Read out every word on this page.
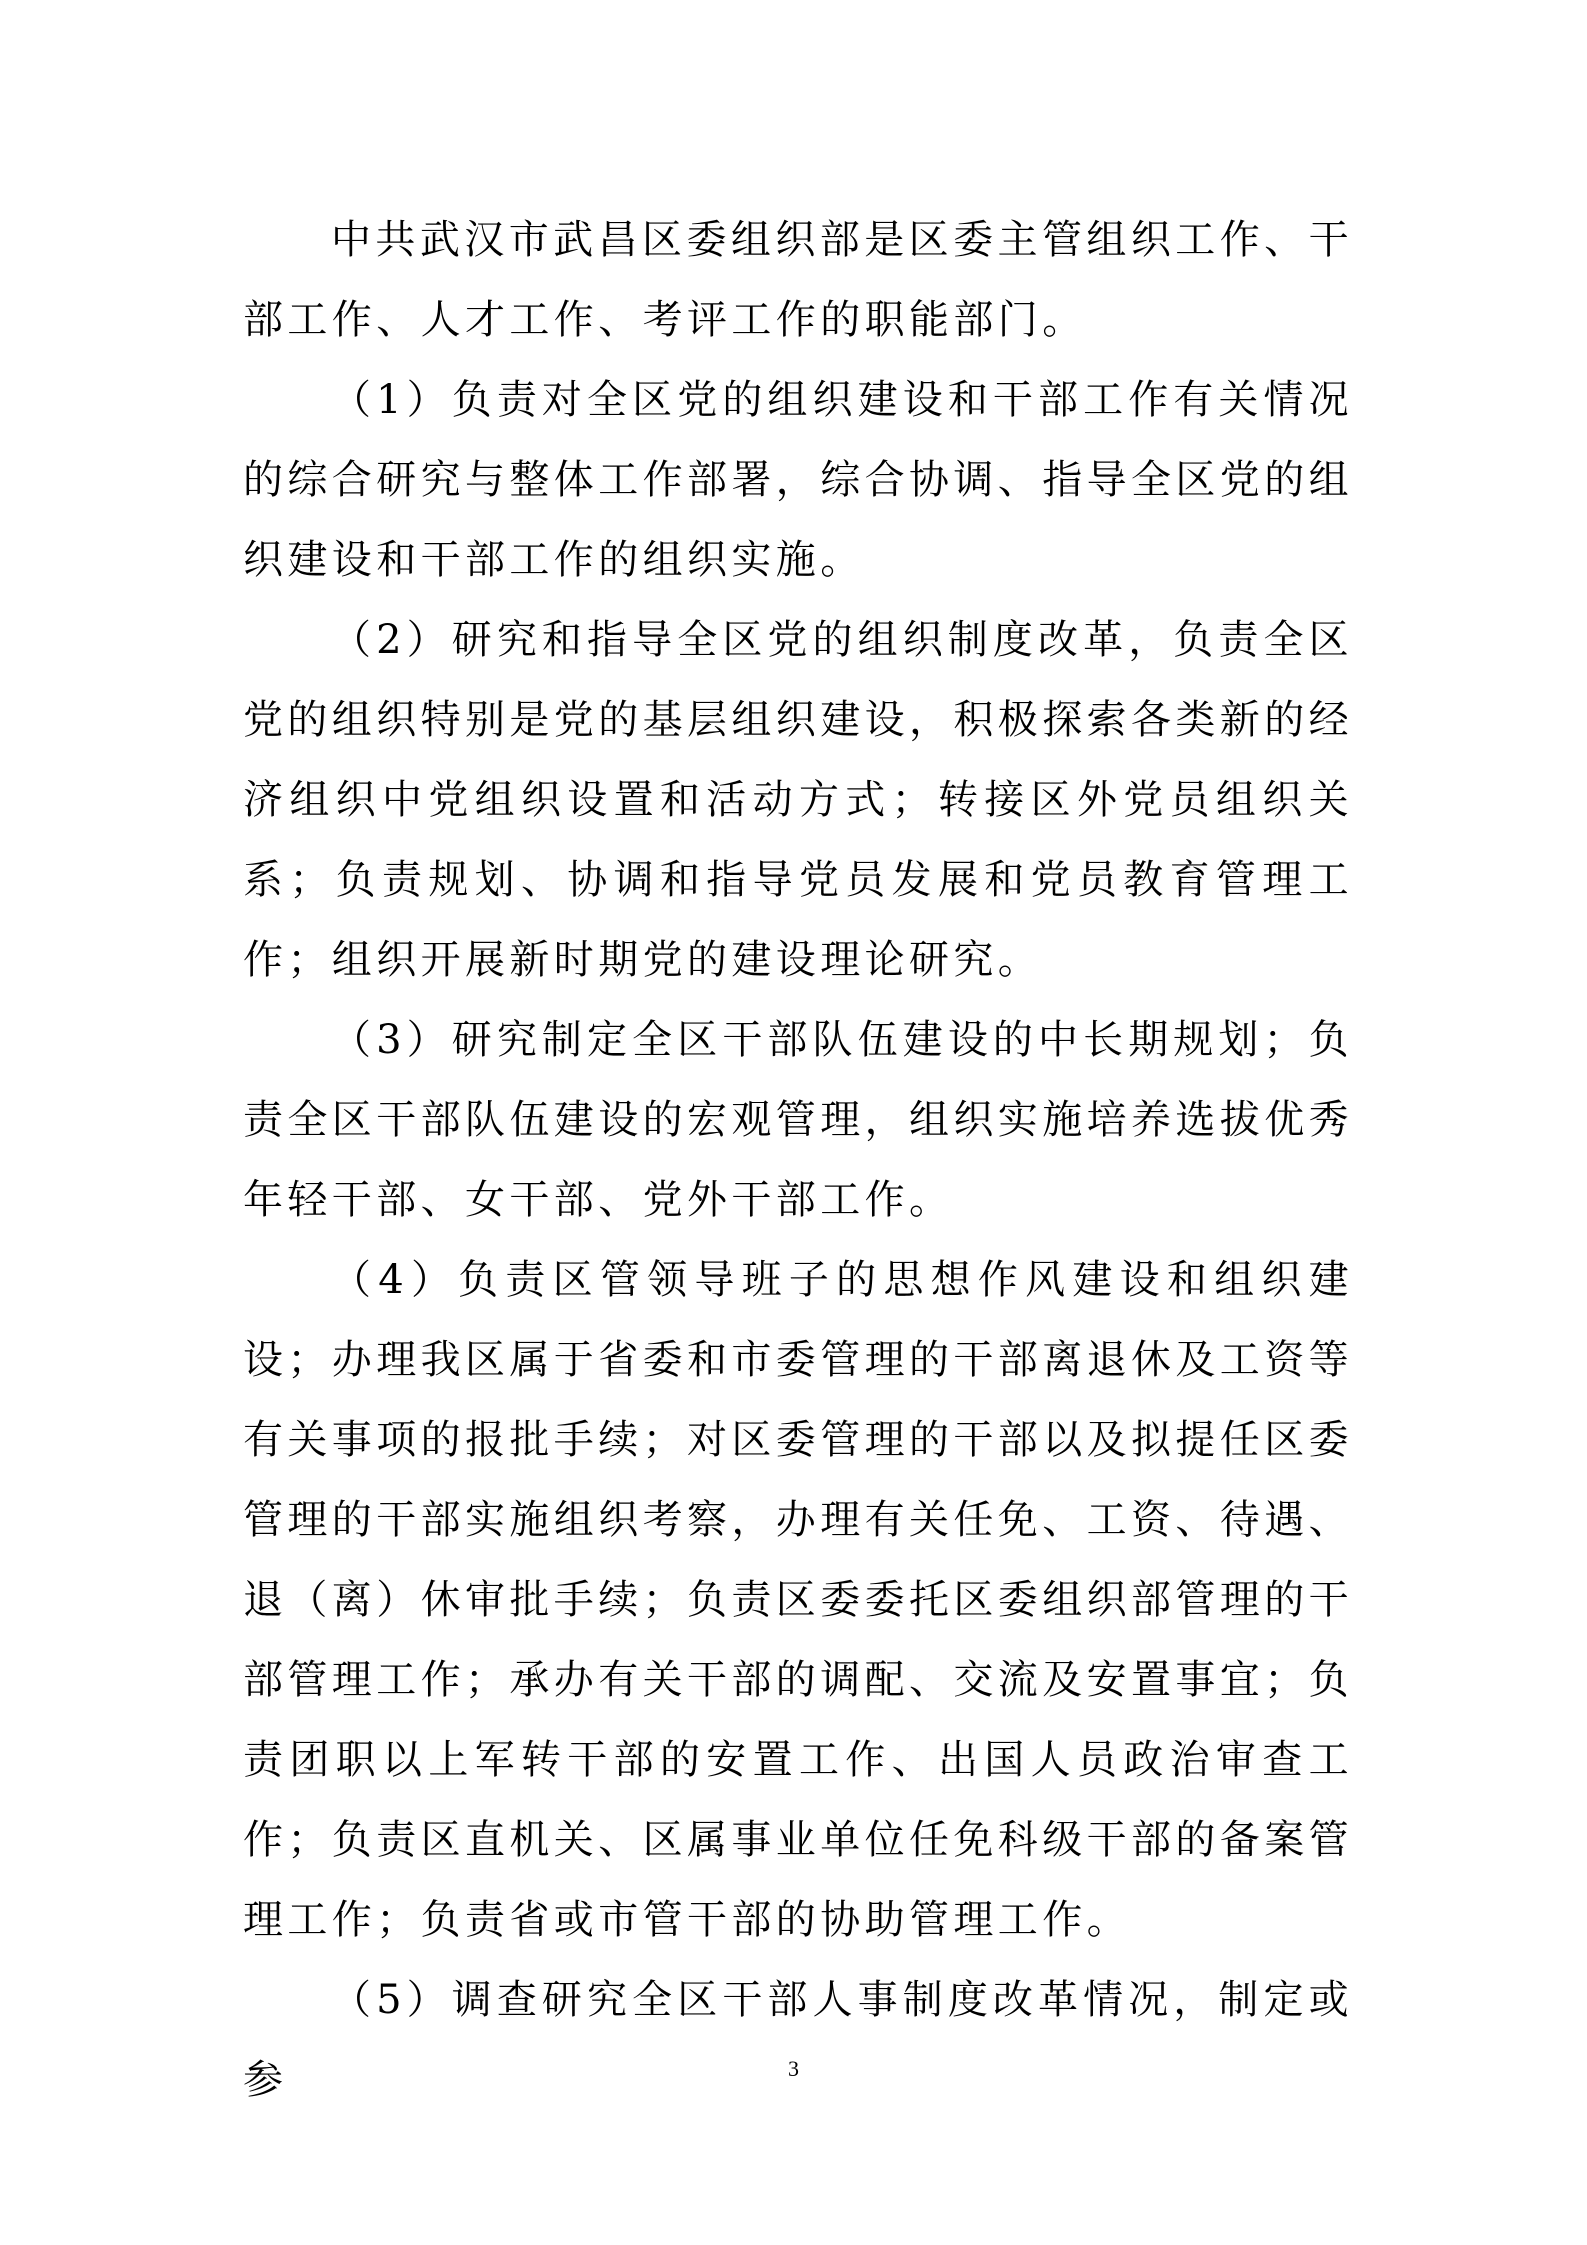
中共武汉市武昌区委组织部是区委主管组织工作、干部工作、人才工作、考评工作的职能部门。

（1）负责对全区党的组织建设和干部工作有关情况的综合研究与整体工作部署，综合协调、指导全区党的组织建设和干部工作的组织实施。

（2）研究和指导全区党的组织制度改革，负责全区党的组织特别是党的基层组织建设，积极探索各类新的经济组织中党组织设置和活动方式；转接区外党员组织关系；负责规划、协调和指导党员发展和党员教育管理工作；组织开展新时期党的建设理论研究。

（3）研究制定全区干部队伍建设的中长期规划；负责全区干部队伍建设的宏观管理，组织实施培养选拔优秀年轻干部、女干部、党外干部工作。

（4）负责区管领导班子的思想作风建设和组织建设；办理我区属于省委和市委管理的干部离退休及工资等有关事项的报批手续；对区委管理的干部以及拟提任区委管理的干部实施组织考察，办理有关任免、工资、待遇、退（离）休审批手续；负责区委委托区委组织部管理的干部管理工作；承办有关干部的调配、交流及安置事宜；负责团职以上军转干部的安置工作、出国人员政治审查工作；负责区直机关、区属事业单位任免科级干部的备案管理工作；负责省或市管干部的协助管理工作。

（5）调查研究全区干部人事制度改革情况，制定或参	3
